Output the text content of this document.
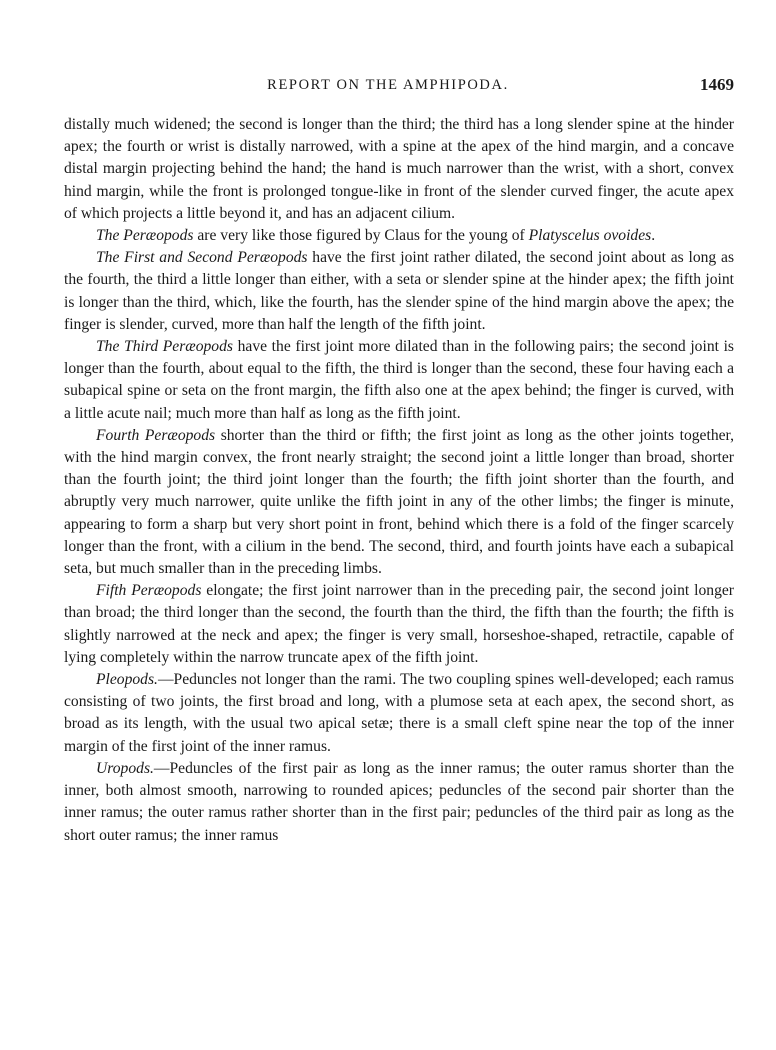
REPORT ON THE AMPHIPODA.	1469

distally much widened; the second is longer than the third; the third has a long slender spine at the hinder apex; the fourth or wrist is distally narrowed, with a spine at the apex of the hind margin, and a concave distal margin projecting behind the hand; the hand is much narrower than the wrist, with a short, convex hind margin, while the front is prolonged tongue-like in front of the slender curved finger, the acute apex of which projects a little beyond it, and has an adjacent cilium.

The Peræopods are very like those figured by Claus for the young of Platyscelus ovoides.

The First and Second Peræopods have the first joint rather dilated, the second joint about as long as the fourth, the third a little longer than either, with a seta or slender spine at the hinder apex; the fifth joint is longer than the third, which, like the fourth, has the slender spine of the hind margin above the apex; the finger is slender, curved, more than half the length of the fifth joint.

The Third Peræopods have the first joint more dilated than in the following pairs; the second joint is longer than the fourth, about equal to the fifth, the third is longer than the second, these four having each a subapical spine or seta on the front margin, the fifth also one at the apex behind; the finger is curved, with a little acute nail; much more than half as long as the fifth joint.

Fourth Peræopods shorter than the third or fifth; the first joint as long as the other joints together, with the hind margin convex, the front nearly straight; the second joint a little longer than broad, shorter than the fourth joint; the third joint longer than the fourth; the fifth joint shorter than the fourth, and abruptly very much narrower, quite unlike the fifth joint in any of the other limbs; the finger is minute, appearing to form a sharp but very short point in front, behind which there is a fold of the finger scarcely longer than the front, with a cilium in the bend. The second, third, and fourth joints have each a subapical seta, but much smaller than in the preceding limbs.

Fifth Peræopods elongate; the first joint narrower than in the preceding pair, the second joint longer than broad; the third longer than the second, the fourth than the third, the fifth than the fourth; the fifth is slightly narrowed at the neck and apex; the finger is very small, horseshoe-shaped, retractile, capable of lying completely within the narrow truncate apex of the fifth joint.

Pleopods.—Peduncles not longer than the rami. The two coupling spines well-developed; each ramus consisting of two joints, the first broad and long, with a plumose seta at each apex, the second short, as broad as its length, with the usual two apical setæ; there is a small cleft spine near the top of the inner margin of the first joint of the inner ramus.

Uropods.—Peduncles of the first pair as long as the inner ramus; the outer ramus shorter than the inner, both almost smooth, narrowing to rounded apices; peduncles of the second pair shorter than the inner ramus; the outer ramus rather shorter than in the first pair; peduncles of the third pair as long as the short outer ramus; the inner ramus
